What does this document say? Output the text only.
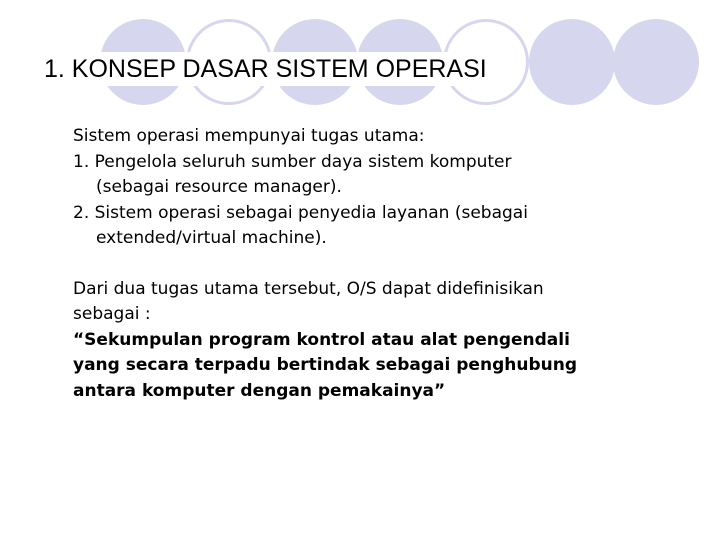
1. KONSEP DASAR SISTEM OPERASI
Sistem operasi mempunyai tugas utama:
1. Pengelola seluruh sumber daya sistem komputer
(sebagai resource manager).
2. Sistem operasi sebagai penyedia layanan (sebagai
extended/virtual machine).
Dari dua tugas utama tersebut, O/S dapat didefinisikan
sebagai :
“Sekumpulan program kontrol atau alat pengendali
yang secara terpadu bertindak sebagai penghubung
antara komputer dengan pemakainya”
